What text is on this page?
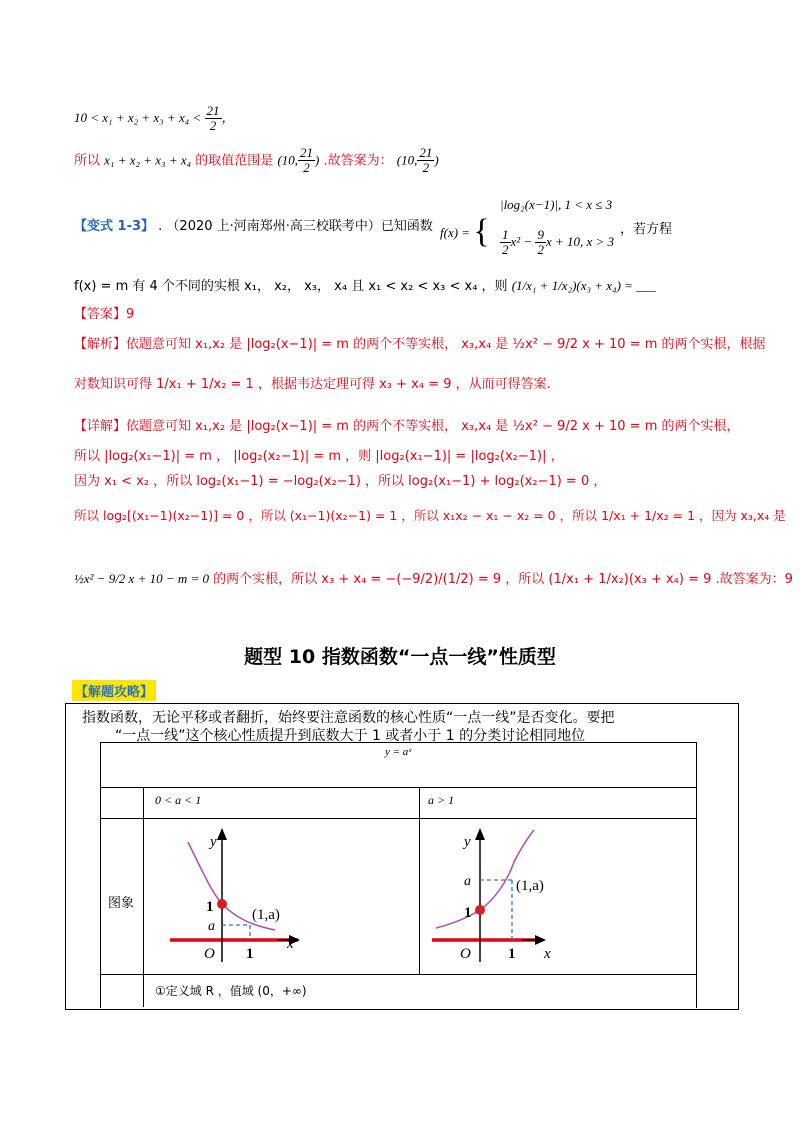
$10 < x_1 + x_2 + x_3 + x_4 < \frac{21}{2}$ ，
所以 x₁ + x₂ + x₃ + x₄ 的取值范围是 (10, $\frac{21}{2}$ ) .故答案为： (10, $\frac{21}{2}$ )
【变式 1-3】 . （2020 上·河南郑州·高三校联考中）已知函数 f(x) = {
|log₂(x−1)|, 1 < x ≤ 3
$\frac{1}{2} x^2 - \frac{9}{2}$ x + 10, x > 3
，若方程
f(x) = m 有 4 个不同的实根 x₁， x₂， x₃， x₄ 且 x₁ < x₂ < x₃ < x₄ ，则 (1/x₁ + 1/x₂)(x₃ + x₄) = ___
【答案】9
【解析】依题意可知 x₁,x₂ 是 |log₂(x−1)| = m 的两个不等实根， x₃,x₄ 是 ½x² − 9/2 x + 10 = m 的两个实根，根据
对数知识可得 1/x₁ + 1/x₂ = 1 ，根据韦达定理可得 x₃ + x₄ = 9 ，从而可得答案.
【详解】依题意可知 x₁,x₂ 是 |log₂(x−1)| = m 的两个不等实根， x₃,x₄ 是 ½x² − 9/2 x + 10 = m 的两个实根，
所以 |log₂(x₁−1)| = m ， |log₂(x₂−1)| = m ，则 |log₂(x₁−1)| = |log₂(x₂−1)| ，
因为 x₁ < x₂ ，所以 log₂(x₁−1) = −log₂(x₂−1) ，所以 log₂(x₁−1) + log₂(x₂−1) = 0 ，
所以 log₂[(x₁−1)(x₂−1)] = 0 ，所以 (x₁−1)(x₂−1) = 1 ，所以 x₁x₂ − x₁ − x₂ = 0 ，所以 1/x₁ + 1/x₂ = 1 ，因为 x₃,x₄ 是
½x² − 9/2 x + 10 − m = 0 的两个实根，所以 x₃ + x₄ = −(−9/2)/(1/2) = 9 ，所以 (1/x₁ + 1/x₂)(x₃ + x₄) = 9 .故答案为：9
题型 10 指数函数“一点一线”性质型
【解题攻略】
指数函数，无论平移或者翻折，始终要注意函数的核心性质“一点一线”是否变化。要把
“一点一线”这个核心性质提升到底数大于 1 或者小于 1 的分类讨论相同地位
y = aˣ
0 < a < 1	a > 1
图象
①定义域 R ，值域 (0，+∞)
y
x
1
a
O 1
(1,a)
y
x
1
a
O 1
(1,a)
